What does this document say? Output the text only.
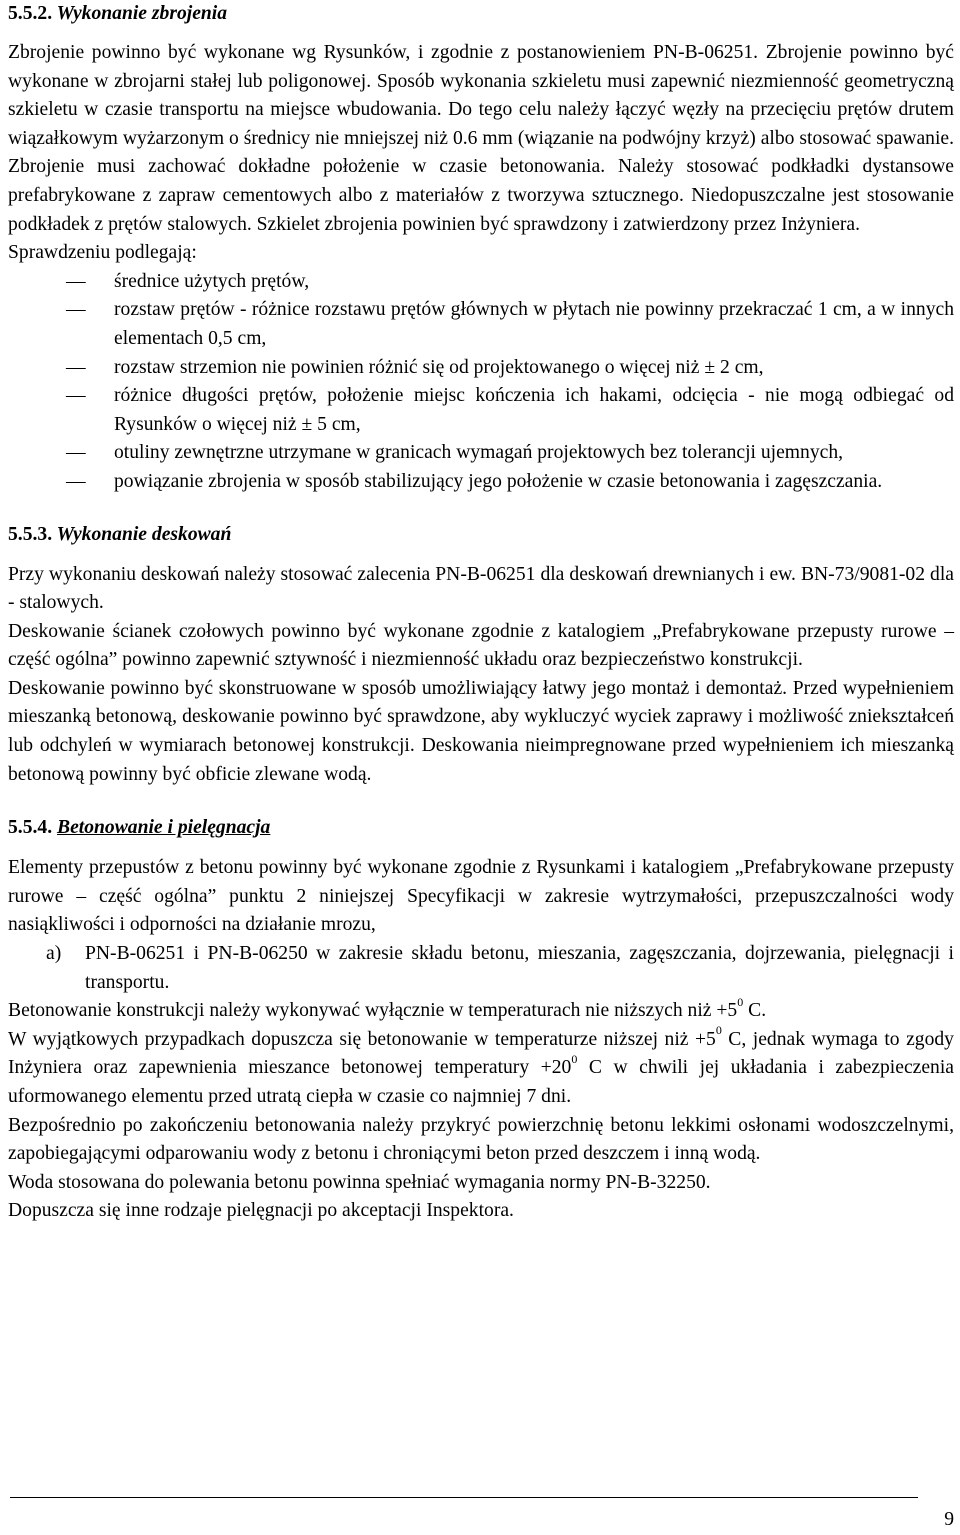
5.5.2. Wykonanie zbrojenia

Zbrojenie powinno być wykonane wg Rysunków, i zgodnie z postanowieniem PN-B-06251. Zbrojenie powinno być wykonane w zbrojarni stałej lub poligonowej. Sposób wykonania szkieletu musi zapewnić niezmienność geometryczną szkieletu w czasie transportu na miejsce wbudowania. Do tego celu należy łączyć węzły na przecięciu prętów drutem wiązałkowym wyżarzonym o średnicy nie mniejszej niż 0.6 mm (wiązanie na podwójny krzyż) albo stosować spawanie. Zbrojenie musi zachować dokładne położenie w czasie betonowania. Należy stosować podkładki dystansowe prefabrykowane z zapraw cementowych albo z materiałów z tworzywa sztucznego. Niedopuszczalne jest stosowanie podkładek z prętów stalowych. Szkielet zbrojenia powinien być sprawdzony i zatwierdzony przez Inżyniera.

Sprawdzeniu podlegają:

— średnice użytych prętów,
— rozstaw prętów - różnice rozstawu prętów głównych w płytach nie powinny przekraczać 1 cm, a w innych elementach 0,5 cm,
— rozstaw strzemion nie powinien różnić się od projektowanego o więcej niż ± 2 cm,
— różnice długości prętów, położenie miejsc kończenia ich hakami, odcięcia - nie mogą odbiegać od Rysunków o więcej niż ± 5 cm,
— otuliny zewnętrzne utrzymane w granicach wymagań projektowych bez tolerancji ujemnych,
— powiązanie zbrojenia w sposób stabilizujący jego położenie w czasie betonowania i zagęszczania.
5.5.3. Wykonanie deskowań

Przy wykonaniu deskowań należy stosować zalecenia PN-B-06251 dla deskowań drewnianych i ew. BN-73/9081-02 dla - stalowych.

Deskowanie ścianek czołowych powinno być wykonane zgodnie z katalogiem „Prefabrykowane przepusty rurowe – część ogólna” powinno zapewnić sztywność i niezmienność układu oraz bezpieczeństwo konstrukcji.

Deskowanie powinno być skonstruowane w sposób umożliwiający łatwy jego montaż i demontaż. Przed wypełnieniem mieszanką betonową, deskowanie powinno być sprawdzone, aby wykluczyć wyciek zaprawy i możliwość zniekształceń lub odchyleń w wymiarach betonowej konstrukcji. Deskowania nieimpregnowane przed wypełnieniem ich mieszanką betonową powinny być obficie zlewane wodą.

5.5.4. Betonowanie i pielęgnacja

Elementy przepustów z betonu powinny być wykonane zgodnie z Rysunkami i katalogiem „Prefabrykowane przepusty rurowe – część ogólna” punktu 2 niniejszej Specyfikacji w zakresie wytrzymałości, przepuszczalności wody nasiąkliwości i odporności na działanie mrozu,

a) PN-B-06251 i PN-B-06250 w zakresie składu betonu, mieszania, zagęszczania, dojrzewania, pielęgnacji i transportu.

Betonowanie konstrukcji należy wykonywać wyłącznie w temperaturach nie niższych niż $+5^0$ C.

W wyjątkowych przypadkach dopuszcza się betonowanie w temperaturze niższej niż $+5^0$ C, jednak wymaga to zgody Inżyniera oraz zapewnienia mieszance betonowej temperatury $+20^0$ C w chwili jej układania i zabezpieczenia uformowanego elementu przed utratą ciepła w czasie co najmniej 7 dni.

Bezpośrednio po zakończeniu betonowania należy przykryć powierzchnię betonu lekkimi osłonami wodoszczelnymi, zapobiegającymi odparowaniu wody z betonu i chroniącymi beton przed deszczem i inną wodą.

Woda stosowana do polewania betonu powinna spełniać wymagania normy PN-B-32250.

Dopuszcza się inne rodzaje pielęgnacji po akceptacji Inspektora.

9
